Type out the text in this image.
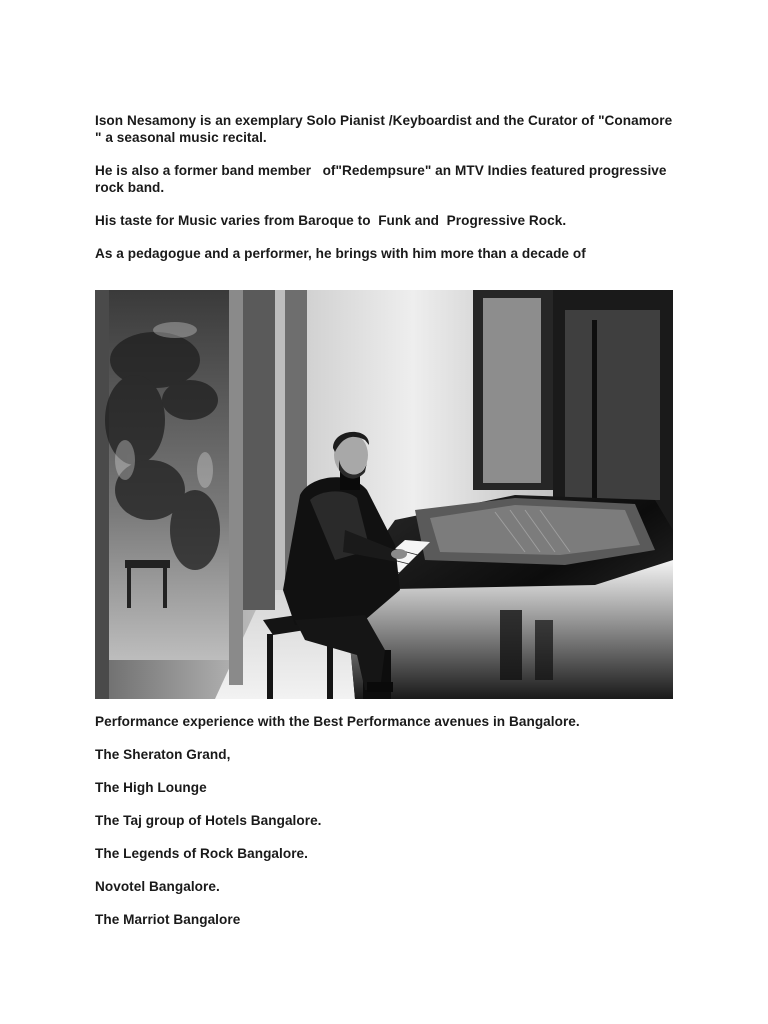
Ison Nesamony is an exemplary Solo Pianist /Keyboardist and the Curator of "Conamore " a seasonal music recital.

He is also a former band member   of"Redempsure" an MTV Indies featured progressive rock band.

His taste for Music varies from Baroque to  Funk and  Progressive Rock.

As a pedagogue and a performer, he brings with him more than a decade of

Performance experience with the Best Performance avenues in Bangalore.

The Sheraton Grand,

The High Lounge

The Taj group of Hotels Bangalore.

The Legends of Rock Bangalore.

Novotel Bangalore.

The Marriot Bangalore
